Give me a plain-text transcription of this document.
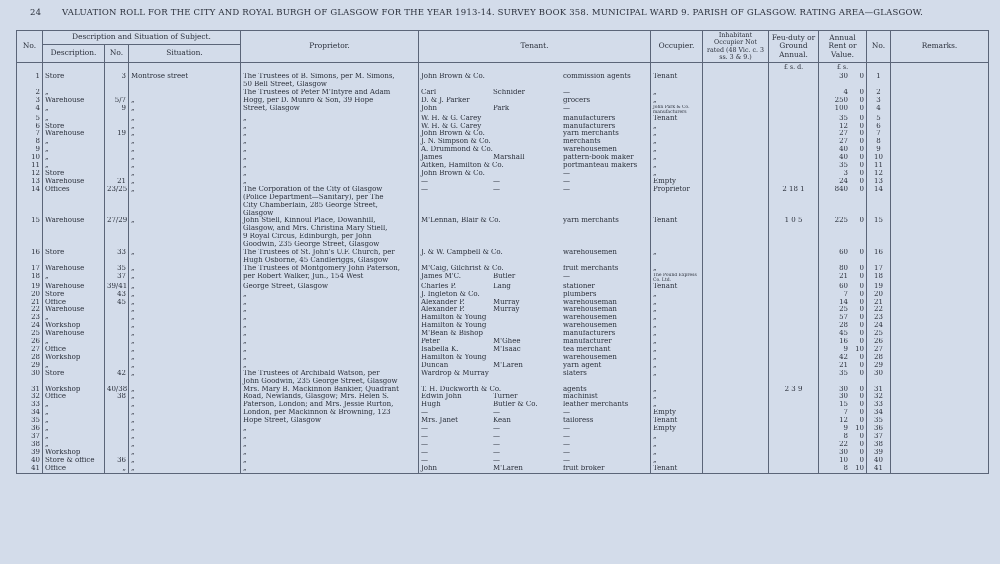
24 VALUATION ROLL FOR THE CITY AND ROYAL BURGH OF GLASGOW FOR THE YEAR 1913-14. SURVEY BOOK 358. MUNICIPAL WARD 9. PARISH OF GLASGOW. RATING AREA—GLASGOW.
No.	Description and Situation of Subject.			Proprietor.	Tenant.	Occupier.	Inhabitant Occupier Not rated (48 Vic. c. 3 ss. 3 & 9.)	Feu-duty or Ground Annual.	Annual Rent or Value.	No.	Remarks.
	Description.	No.	Situation.								
								£ s. d.	£ s.		
1	Store	3	Montrose street	The Trustees of B. Simons, per M. Simons,	John Brown & Co. commission agents	Tenant			30 0	1	
				50 Bell Street, Glasgow	

2	„			The Trustees of Peter M'Intyre and Adam	Carl Schnider —	„			4 0	2	
3	Warehouse	5/7	„	Hogg, per D. Munro & Son, 39 Hope	D. & J. Parker grocers	„			250 0	3	
4	„	9	„	Street, Glasgow	John Park —	John Park & Co. manufacturers			100 0	4	
5	„		„	„	W. H. & G. Carey manufacturers	Tenant			35 0	5	
6	Store		„	„	W. H. & G. Carey manufacturers	„			12 0	6	
7	Warehouse	19	„	„	John Brown & Co. yarn merchants	„			27 0	7	
8	„		„	„	J. N. Simpson & Co. merchants	„			27 0	8	
9	„		„	„	A. Drummond & Co. warehousemen	„			40 0	9	
10	„		„	„	James Marshall pattern-book maker	„			40 0	10	
11	„		„	„	Aitken, Hamilton & Co. portmanteau makers	„			35 0	11	
12	Store		„	„	John Brown & Co. —	„			3 0	12	
13	Warehouse	21	„	„	— — —	Empty			24 0	13	
14	Offices	23/25	„	The Corporation of the City of Glasgow	— — —	Proprietor		2 18 1	840 0	14	
				(Police Department—Sanitary), per The	

				City Chamberlain, 285 George Street,	

				Glasgow	

15	Warehouse	27/29	„	John Stiell, Kinnoul Place, Dowanhill,	M'Lennan, Blair & Co. yarn merchants	Tenant		1 0 5	225 0	15	
				Glasgow, and Mrs. Christina Mary Stiell,	

				9 Royal Circus, Edinburgh, per John	

				Goodwin, 235 George Street, Glasgow	

16	Store	33	„	The Trustees of St. John's U.F. Church, per	J. & W. Campbell & Co. warehousemen	„			60 0	16	
				Hugh Osborne, 45 Candleriggs, Glasgow	

17	Warehouse	35	„	The Trustees of Montgomery John Paterson,	M'Caig, Gilchrist & Co. fruit merchants	„			80 0	17	
18	„	37	„	per Robert Walker, Jun., 154 West	James M'C. Butler —	The Pound Express Co. Ltd.			21 0	18	
19	Warehouse	39/41	„	George Street, Glasgow	Charles P. Lang stationer	Tenant			60 0	19	
20	Store	43	„	„	J. Ingleton & Co. plumbers	„			7 0	20	
21	Office	45	„	„	Alexander P. Murray warehouseman	„			14 0	21	
22	Warehouse		„	„	Alexander P. Murray warehouseman	„			25 0	22	
23	„		„	„	Hamilton & Young warehousemen	„			57 0	23	
24	Workshop		„	„	Hamilton & Young warehousemen	„			28 0	24	
25	Warehouse		„	„	M'Bean & Bishop manufacturers	„			45 0	25	
26	„		„	„	Peter M'Ghee manufacturer	„			16 0	26	
27	Office		„	„	Isabella K. M'Isaac tea merchant	„			9 10	27	
28	Workshop		„	„	Hamilton & Young warehousemen	„			42 0	28	
29	„		„	„	Duncan M'Laren yarn agent	„			21 0	29	
30	Store	42	„	The Trustees of Archibald Watson, per	Wardrop & Murray slaters	„			35 0	30	
				John Goodwin, 235 George Street, Glasgow	

31	Workshop	40/38	„	Mrs. Mary B. Mackinnon Bankier, Quadrant	T. H. Duckworth & Co. agents	„		2 3 9	30 0	31	
32	Office	38	„	Road, Newlands, Glasgow; Mrs. Helen S.	Edwin John Turner machinist	„			30 0	32	
33	„		„	Paterson, London; and Mrs. Jessie Rurton,	Hugh Butler & Co. leather merchants	„			15 0	33	
34	„		„	London, per Mackinnon & Browning, 123	— — —	Empty			7 0	34	
35	„		„	Hope Street, Glasgow	Mrs. Janet Kean tailoress	Tenant			12 0	35	
36	„		„	„	— — —	Empty			9 10	36	
37	„		„	„	— — —	„			8 0	37	
38	„		„	„	— — —	„			22 0	38	
39	Workshop		„	„	— — —	„			30 0	39	
40	Store & office	36	„	„	— — —	„			10 0	40	
41	Office	„	„	„	John M'Laren fruit broker	Tenant			8 10	41	
